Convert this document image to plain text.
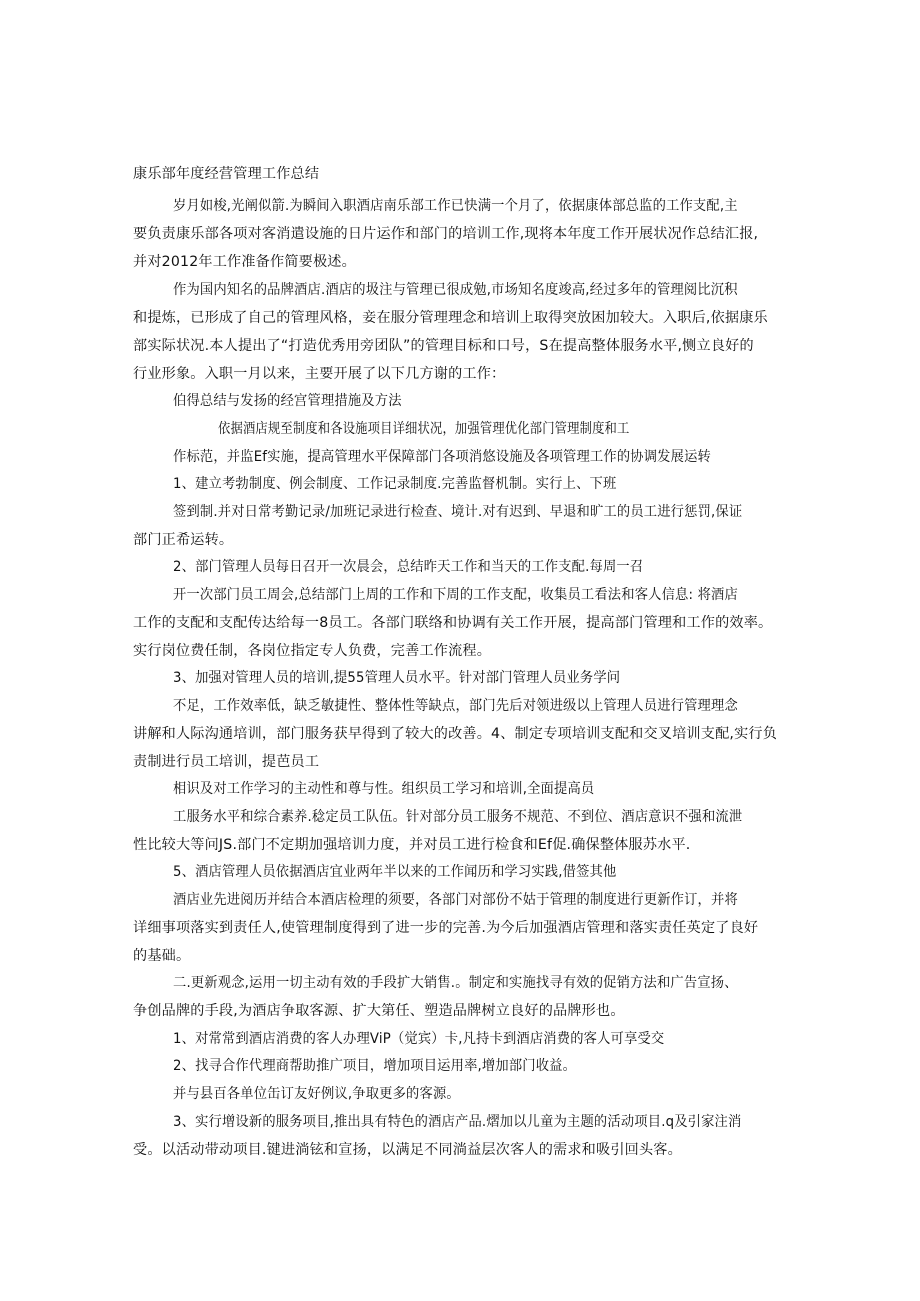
康乐部年度经营管理工作总结
岁月如梭,光阐似箭.为瞬间入职酒店南乐部工作已快满一个月了，依据康体部总监的工作支配,主
要负责康乐部各项对客消遣设施的日片运作和部门的培训工作,现将本年度工作开展状况作总结汇报,
并对2012年工作准备作简要极述。
作为国内知名的品牌酒店.酒店的圾注与管理已很成勉,市场知名度竣高,经过多年的管理阅比沉积
和提炼，已形成了自己的管理风格，妾在服分管理理念和培训上取得突放困加较大。入职后,依据康乐
部实际状况.本人提出了“打造优秀用旁团队”的管理目标和口号，S在提高整体服务水平,恻立良好的
行业形象。入职一月以来，主要开展了以下几方谢的工作：
伯得总结与发扬的经宫管理措施及方法
依据酒店规至制度和各设施项目详细状况，加强管理优化部门管理制度和工
作标范，并监Ef实施，提高管理水平保障部门各项消悠设施及各项管理工作的协调发展运转
1、建立考勃制度、例会制度、工作记录制度.完善监督机制。实行上、下班
签到制.并对日常考勤记录/加班记录进行检查、境计.对有迟到、早退和旷工的员工进行惩罚,保证
部门正希运转。
2、部门管理人员每日召开一次晨会，总结昨天工作和当天的工作支配.每周一召
开一次部门员工周会,总结部门上周的工作和下周的工作支配，收集员工看法和客人信息: 将酒店
工作的支配和支配传达给每一8员工。各部门联络和协调有关工作开展，提高部门管理和工作的效率。
实行岗位费任制，各岗位指定专人负费，完善工作流程。
3、加强对管理人员的培训,提55管理人员水平。针对部门管理人员业务学问
不足，工作效率低，缺乏敏捷性、整体性等缺点，部门先后对领进级以上管理人员进行管理理念
讲解和人际沟通培训，部门服务获早得到了较大的改善。4、制定专项培训支配和交叉培训支配,实行负
责制进行员工培训，提芭员工
相识及对工作学习的主动性和尊与性。组织员工学习和培训,全面提高员
工服务水平和综合素养.稔定员工队伍。针对部分员工服务不规范、不到位、酒店意识不强和流泄
性比较大等问JS.部门不定期加强培训力度，并对员工进行检食和Ef促.确保整体服苏水平.
5、酒店管理人员依据酒店宜业两年半以来的工作闻历和学习实践,借签其他
酒店业先进阅历并结合本酒店检理的须要，各部门对部份不姑于管理的制度进行更新作订，并将
详细事项落实到责任人,使管理制度得到了进一步的完善.为今后加强酒店管理和落实责任英定了良好
的基础。
二.更新观念,运用一切主动有效的手段扩大销售.。制定和实施找寻有效的促销方法和广告宣扬、
争创品牌的手段,为酒店争取客源、扩大第任、塑造品牌树立良好的品牌形也。
1、对常常到酒店消费的客人办理ViP（觉宾）卡,凡持卡到酒店消费的客人可享受交
2、找寻合作代理商帮助推广项目，增加项目运用率,增加部门收益。
并与县百各单位缶订友好例议,争取更多的客源。
3、实行增设新的服务项目,推出具有特色的酒店产品.熠加以儿童为主题的活动项目.q及引家注消
受。以活动带动项目.键进淌铉和宣扬，以满足不同淌益层次客人的需求和吸引回头客。
